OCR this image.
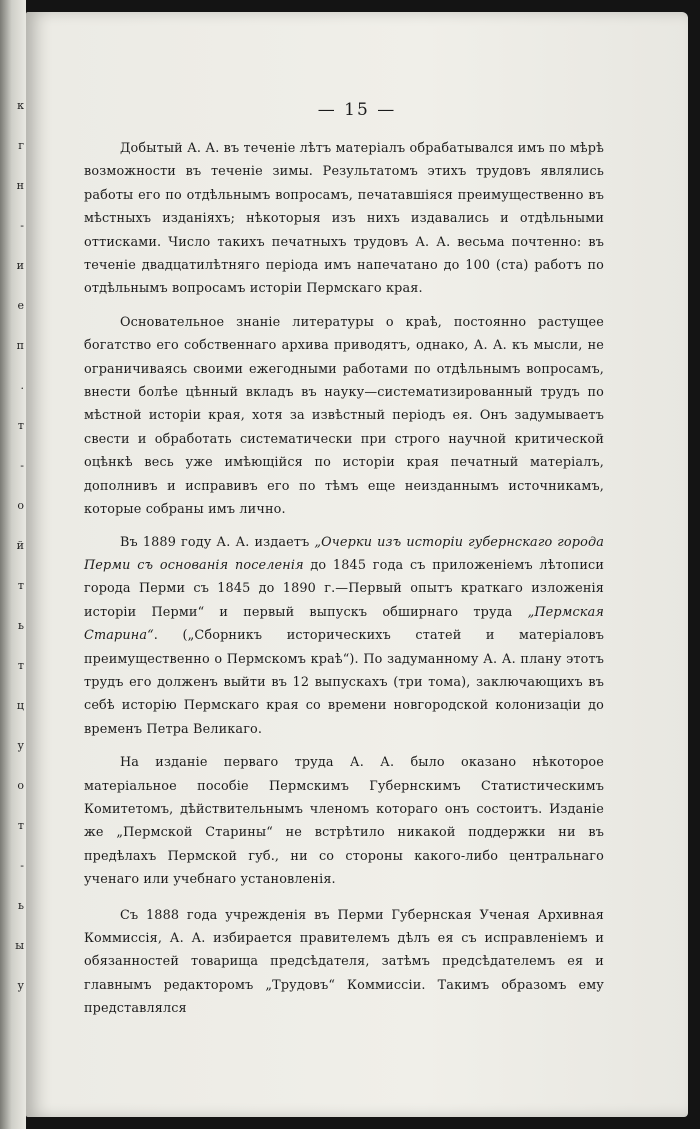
к
г
н
-
и
е
п
.
т
-
о
й
т
ь
т
ц
у
о
т
-
ь
ы
у
— 15 —

Добытый А. А. въ теченіе лѣтъ матеріалъ обрабатывался имъ по мѣрѣ возможности въ теченіе зимы. Результатомъ этихъ трудовъ являлись работы его по отдѣльнымъ вопросамъ, печатавшіяся преимущественно въ мѣстныхъ изданіяхъ; нѣкоторыя изъ нихъ издавались и отдѣльными оттисками. Число такихъ печатныхъ трудовъ А. А. весьма почтенно: въ теченіе двадцатилѣтняго періода имъ напечатано до 100 (ста) работъ по отдѣльнымъ вопросамъ исторіи Пермскаго края.

Основательное знаніе литературы о краѣ, постоянно растущее богатство его собственнаго архива приводятъ, однако, А. А. къ мысли, не ограничиваясь своими ежегодными работами по отдѣльнымъ вопросамъ, внести болѣе цѣнный вкладъ въ науку—систематизированный трудъ по мѣстной исторіи края, хотя за извѣстный періодъ ея. Онъ задумываетъ свести и обработать систематически при строго научной критической оцѣнкѣ весь уже имѣющійся по исторіи края печатный матеріалъ, дополнивъ и исправивъ его по тѣмъ еще неизданнымъ источникамъ, которые собраны имъ лично.

Въ 1889 году А. А. издаетъ „Очерки изъ исторіи губернскаго города Перми съ основанія поселенія до 1845 года съ приложеніемъ лѣтописи города Перми съ 1845 до 1890 г.—Первый опытъ краткаго изложенія исторіи Перми“ и первый выпускъ обширнаго труда „Пермская Старина“. („Сборникъ историческихъ статей и матеріаловъ преимущественно о Пермскомъ краѣ“). По задуманному А. А. плану этотъ трудъ его долженъ выйти въ 12 выпускахъ (три тома), заключающихъ въ себѣ исторію Пермскаго края со времени новгородской колонизаціи до временъ Петра Великаго.

На изданіе перваго труда А. А. было оказано нѣкоторое матеріальное пособіе Пермскимъ Губернскимъ Статистическимъ Комитетомъ, дѣйствительнымъ членомъ котораго онъ состоитъ. Изданіе же „Пермской Старины“ не встрѣтило никакой поддержки ни въ предѣлахъ Пермской губ., ни со стороны какого-либо центральнаго ученаго или учебнаго установленія.

Съ 1888 года учрежденія въ Перми Губернская Ученая Архивная Коммиссія, А. А. избирается правителемъ дѣлъ ея съ исправленіемъ и обязанностей товарища предсѣдателя, затѣмъ предсѣдателемъ ея и главнымъ редакторомъ „Трудовъ“ Коммиссіи. Такимъ образомъ ему представлялся
